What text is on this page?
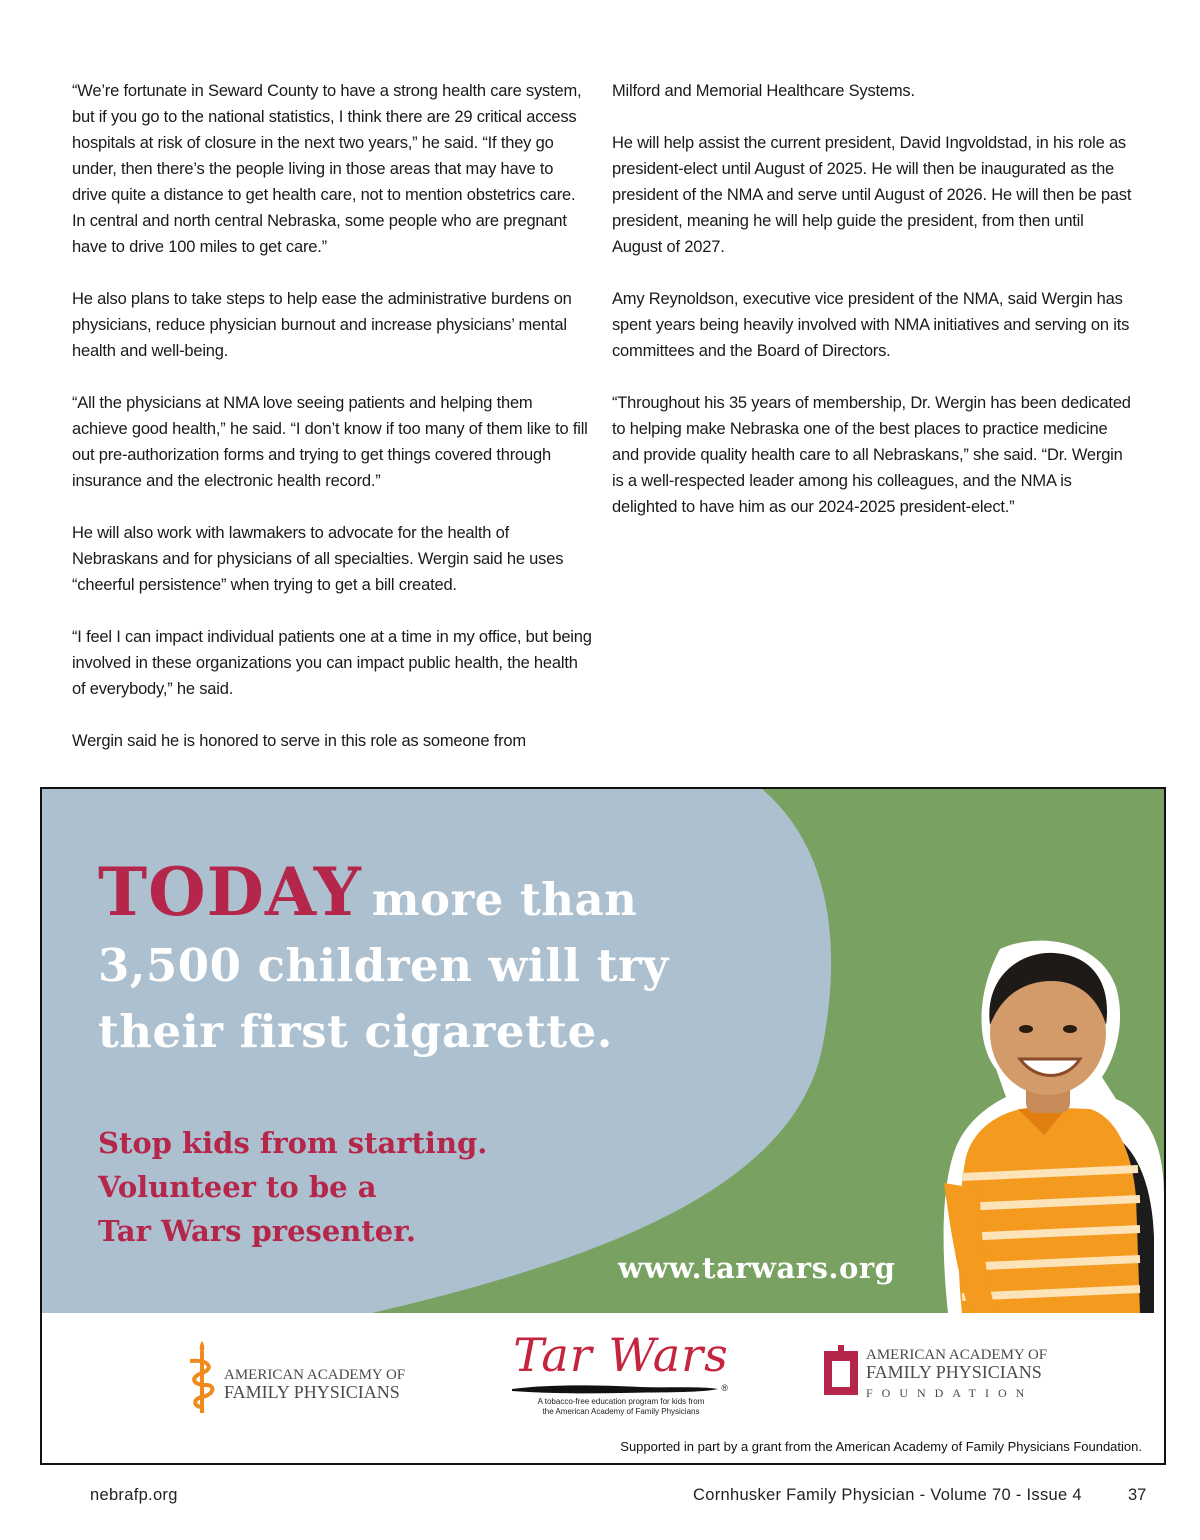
“We’re fortunate in Seward County to have a strong health care system, but if you go to the national statistics, I think there are 29 critical access hospitals at risk of closure in the next two years,” he said. “If they go under, then there’s the people living in those areas that may have to drive quite a distance to get health care, not to mention obstetrics care. In central and north central Nebraska, some people who are pregnant have to drive 100 miles to get care.”

He also plans to take steps to help ease the administrative burdens on physicians, reduce physician burnout and increase physicians’ mental health and well-being.

“All the physicians at NMA love seeing patients and helping them achieve good health,” he said. “I don’t know if too many of them like to fill out pre-authorization forms and trying to get things covered through insurance and the electronic health record.”

He will also work with lawmakers to advocate for the health of Nebraskans and for physicians of all specialties. Wergin said he uses “cheerful persistence” when trying to get a bill created.

“I feel I can impact individual patients one at a time in my office, but being involved in these organizations you can impact public health, the health of everybody,” he said.

Wergin said he is honored to serve in this role as someone from

Milford and Memorial Healthcare Systems.

He will help assist the current president, David Ingvoldstad, in his role as president-elect until August of 2025. He will then be inaugurated as the president of the NMA and serve until August of 2026. He will then be past president, meaning he will help guide the president, from then until August of 2027.

Amy Reynoldson, executive vice president of the NMA, said Wergin has spent years being heavily involved with NMA initiatives and serving on its committees and the Board of Directors.

“Throughout his 35 years of membership, Dr. Wergin has been dedicated to helping make Nebraska one of the best places to practice medicine and provide quality health care to all Nebraskans,” she said. “Dr. Wergin is a well-respected leader among his colleagues, and the NMA is delighted to have him as our 2024-2025 president-elect.”

TODAY more than 3,500 children will try their first cigarette.
Stop kids from starting.
Volunteer to be a
Tar Wars presenter.
www.tarwars.org
AMERICAN ACADEMY OF
FAMILY PHYSICIANS
Tar Wars
®
A tobacco-free education program for kids from
the American Academy of Family Physicians
AMERICAN ACADEMY OF
FAMILY PHYSICIANS
FOUNDATION
Supported in part by a grant from the American Academy of Family Physicians Foundation.
nebrafp.org	Cornhusker Family Physician - Volume 70 - Issue 4	37
